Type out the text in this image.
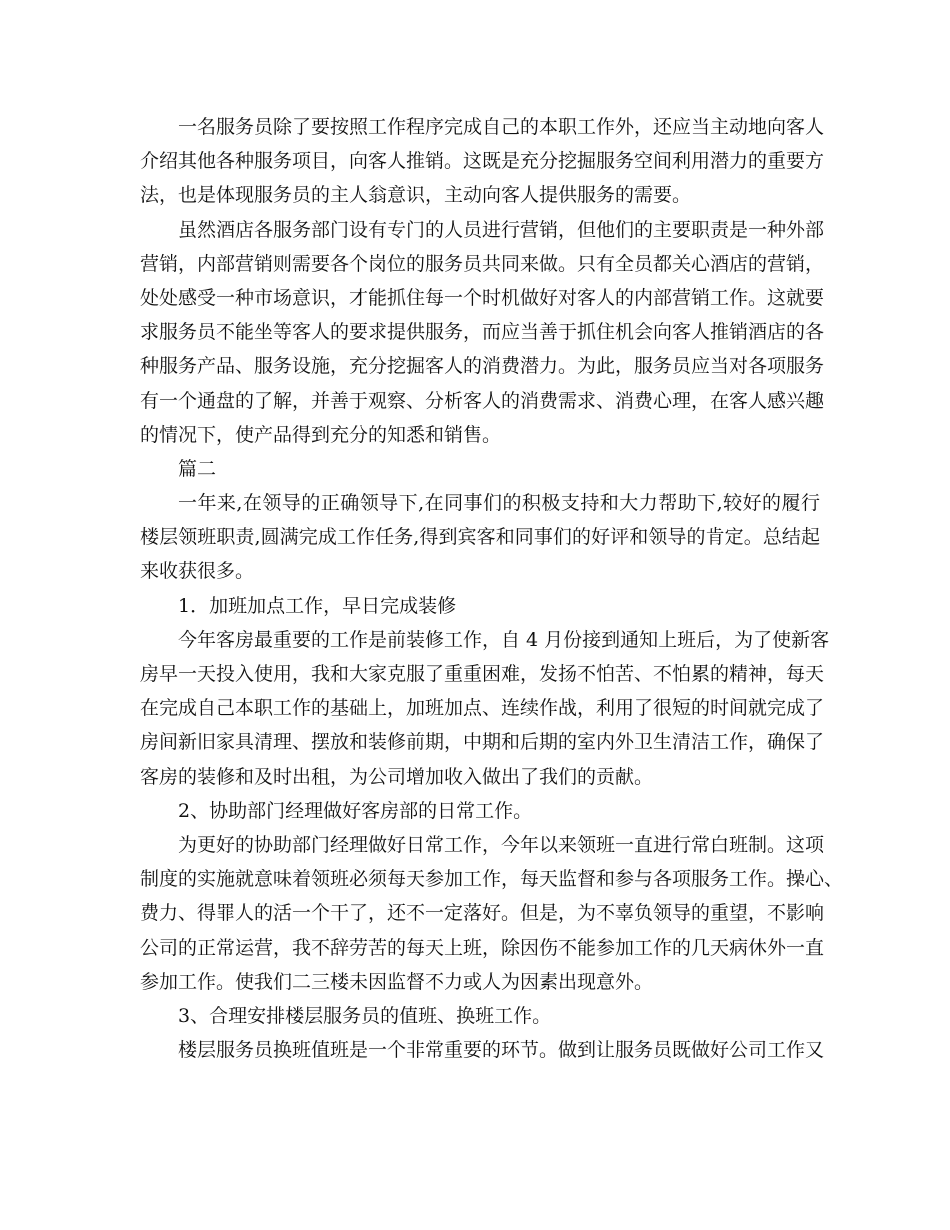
一名服务员除了要按照工作程序完成自己的本职工作外，还应当主动地向客人
介绍其他各种服务项目，向客人推销。这既是充分挖掘服务空间利用潜力的重要方
法，也是体现服务员的主人翁意识，主动向客人提供服务的需要。
虽然酒店各服务部门设有专门的人员进行营销，但他们的主要职责是一种外部
营销，内部营销则需要各个岗位的服务员共同来做。只有全员都关心酒店的营销，
处处感受一种市场意识，才能抓住每一个时机做好对客人的内部营销工作。这就要
求服务员不能坐等客人的要求提供服务，而应当善于抓住机会向客人推销酒店的各
种服务产品、服务设施，充分挖掘客人的消费潜力。为此，服务员应当对各项服务
有一个通盘的了解，并善于观察、分析客人的消费需求、消费心理，在客人感兴趣
的情况下，使产品得到充分的知悉和销售。
篇二
一年来,在领导的正确领导下,在同事们的积极支持和大力帮助下,较好的履行
楼层领班职责,圆满完成工作任务,得到宾客和同事们的好评和领导的肯定。总结起
来收获很多。
1．加班加点工作，早日完成装修
今年客房最重要的工作是前装修工作，自 4 月份接到通知上班后，为了使新客
房早一天投入使用，我和大家克服了重重困难，发扬不怕苦、不怕累的精神，每天
在完成自己本职工作的基础上，加班加点、连续作战，利用了很短的时间就完成了
房间新旧家具清理、摆放和装修前期，中期和后期的室内外卫生清洁工作，确保了
客房的装修和及时出租，为公司增加收入做出了我们的贡献。
2、协助部门经理做好客房部的日常工作。
为更好的协助部门经理做好日常工作，今年以来领班一直进行常白班制。这项
制度的实施就意味着领班必须每天参加工作，每天监督和参与各项服务工作。操心、
费力、得罪人的活一个干了，还不一定落好。但是，为不辜负领导的重望，不影响
公司的正常运营，我不辞劳苦的每天上班，除因伤不能参加工作的几天病休外一直
参加工作。使我们二三楼未因监督不力或人为因素出现意外。
3、合理安排楼层服务员的值班、换班工作。
楼层服务员换班值班是一个非常重要的环节。做到让服务员既做好公司工作又
